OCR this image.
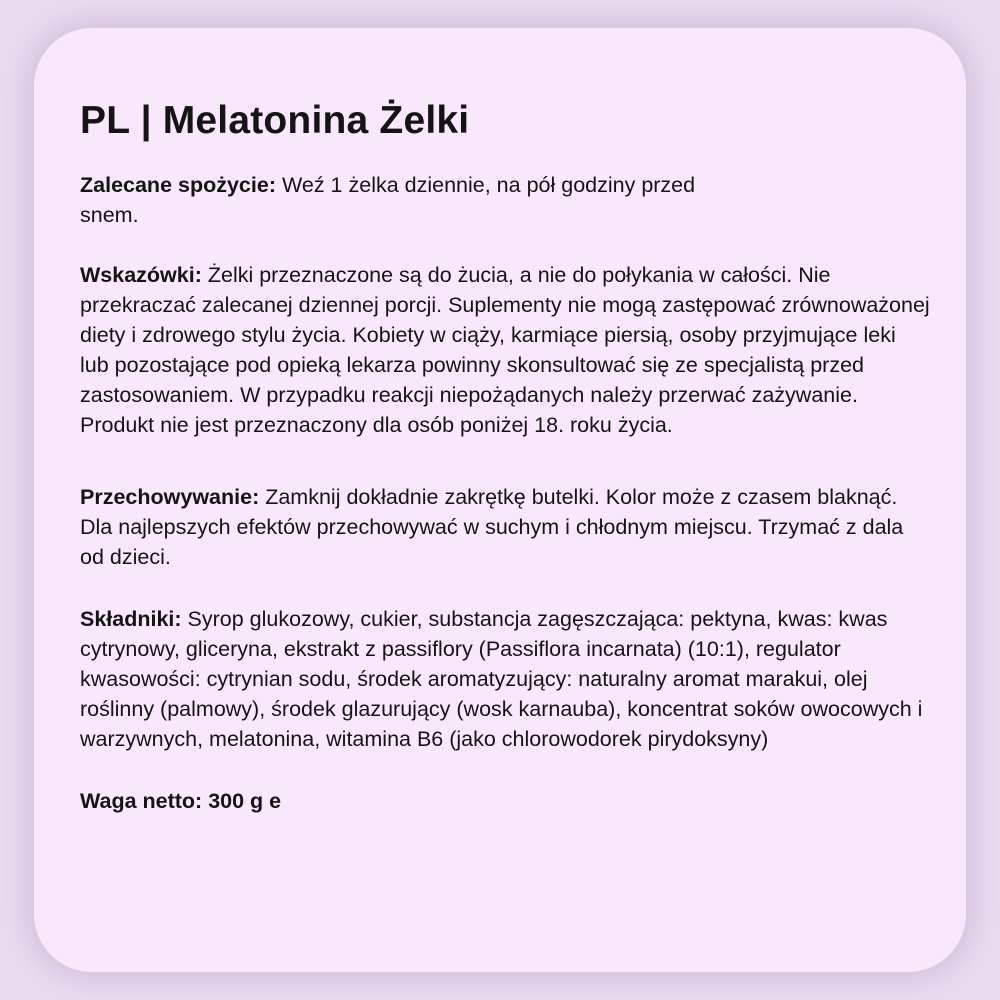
PL | Melatonina Żelki

Zalecane spożycie: Weź 1 żelka dziennie, na pół godziny przed snem.

Wskazówki: Żelki przeznaczone są do żucia, a nie do połykania w całości. Nie przekraczać zalecanej dziennej porcji. Suplementy nie mogą zastępować zrównoważonej diety i zdrowego stylu życia. Kobiety w ciąży, karmiące piersią, osoby przyjmujące leki lub pozostające pod opieką lekarza powinny skonsultować się ze specjalistą przed zastosowaniem. W przypadku reakcji niepożądanych należy przerwać zażywanie. Produkt nie jest przeznaczony dla osób poniżej 18. roku życia.

Przechowywanie: Zamknij dokładnie zakrętkę butelki. Kolor może z czasem blaknąć. Dla najlepszych efektów przechowywać w suchym i chłodnym miejscu. Trzymać z dala od dzieci.

Składniki: Syrop glukozowy, cukier, substancja zagęszczająca: pektyna, kwas: kwas cytrynowy, gliceryna, ekstrakt z passiflory (Passiflora incarnata) (10:1), regulator kwasowości: cytrynian sodu, środek aromatyzujący: naturalny aromat marakui, olej roślinny (palmowy), środek glazurujący (wosk karnauba), koncentrat soków owocowych i warzywnych, melatonina, witamina B6 (jako chlorowodorek pirydoksyny)

Waga netto: 300 g e
